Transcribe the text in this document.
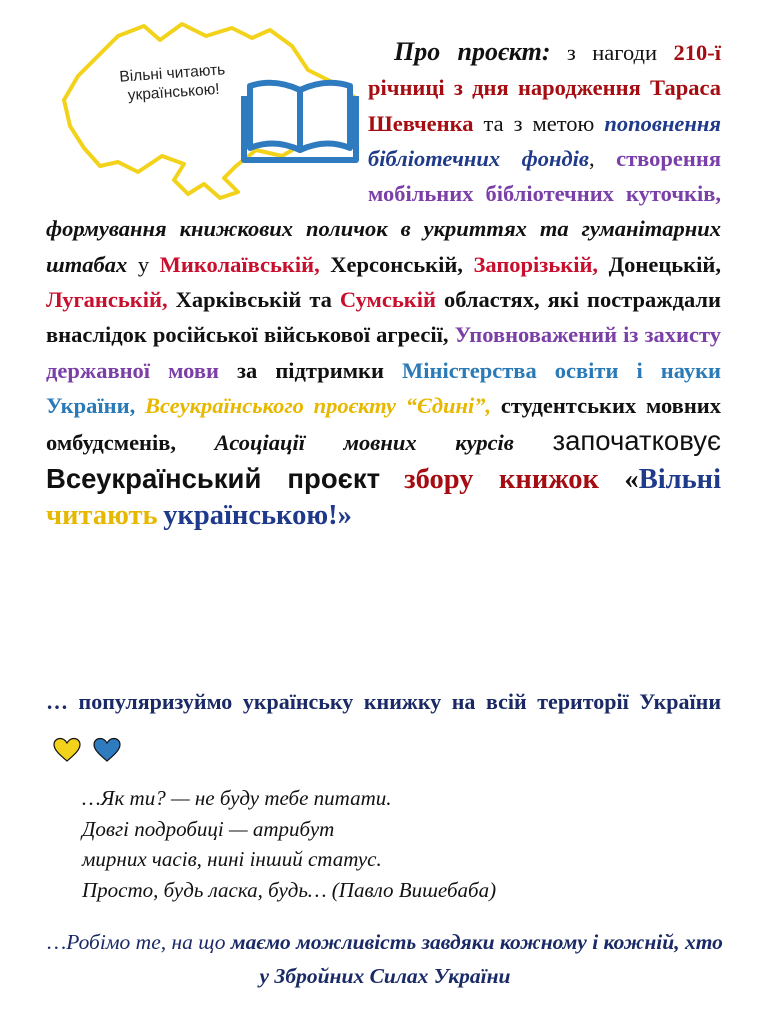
Вільні читають
українською!

Про проєкт: з нагоди 210-ї річниці з дня народження Тараса Шевченка та з метою поповнення бібліотечних фондів, створення мобільних бібліотечних куточків, формування книжкових поличок в укриттях та гуманітарних штабах у Миколаївській, Херсонській, Запорізькій, Донецькій, Луганській, Харківській та Сумській областях, які постраждали внаслідок російської військової агресії, Уповноважений із захисту державної мови за підтримки Міністерства освіти і науки України, Всеукраїнського проєкту “Єдині”, студентських мовних омбудсменів, Асоціації мовних курсів започатковує Всеукраїнський проєкт збору книжок «Вільні читають українською!»

… популяризуймо українську книжку на всій території України
…Як ти? — не буду тебе питати.
Довгі подробиці — атрибут
мирних часів, нині інший статус.
Просто, будь ласка, будь… (Павло Вишебаба)
…Робімо те, на що маємо можливість завдяки кожному і кожній, хто у Збройних Силах України
